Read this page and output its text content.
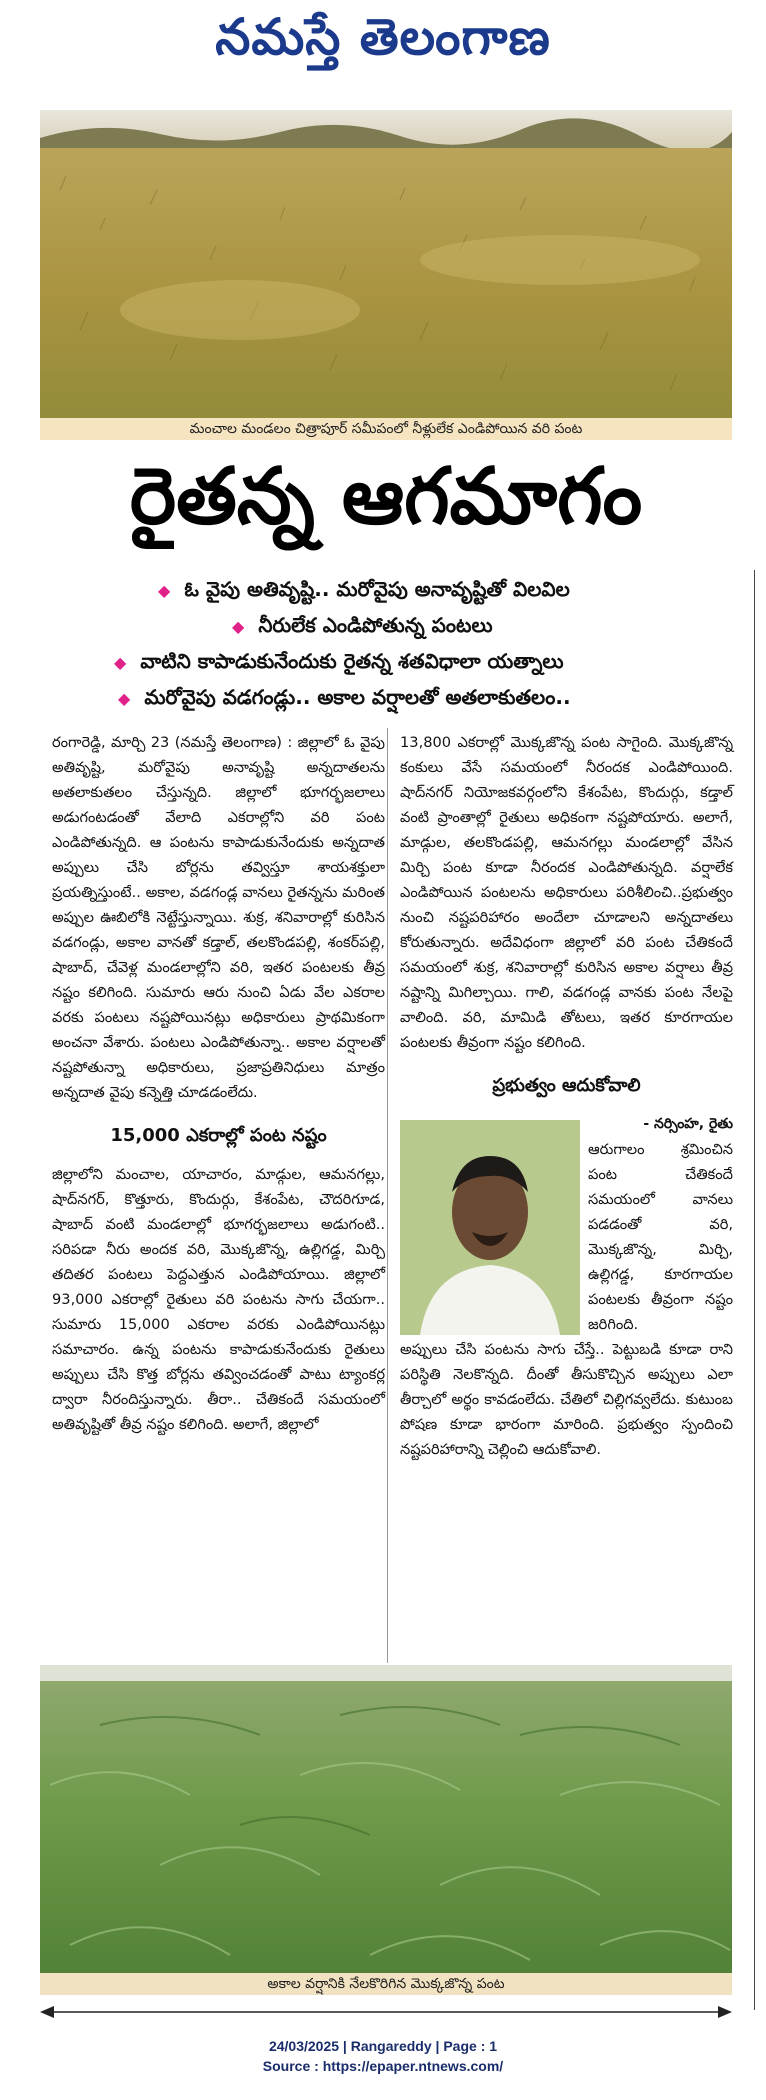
నమస్తే తెలంగాణ
మంచాల మండలం చిత్రాపూర్ సమీపంలో నీళ్లులేక ఎండిపోయిన వరి పంట
రైతన్న ఆగమాగం
◆ ఓ వైపు అతివృష్టి.. మరోవైపు అనావృష్టితో విలవిల
◆ నీరులేక ఎండిపోతున్న పంటలు
◆ వాటిని కాపాడుకునేందుకు రైతన్న శతవిధాలా యత్నాలు
◆ మరోవైపు వడగండ్లు.. అకాల వర్షాలతో అతలాకుతలం..

రంగారెడ్డి, మార్చి 23 (నమస్తే తెలంగాణ) : జిల్లాలో ఓ వైపు అతివృష్టి, మరోవైపు అనావృష్టి అన్నదాతలను అతలాకుతలం చేస్తున్నది. జిల్లాలో భూగర్భజలాలు అడుగంటడంతో వేలాది ఎకరాల్లోని వరి పంట ఎండిపోతున్నది. ఆ పంటను కాపాడుకునేందుకు అన్నదాత అప్పులు చేసి బోర్లను తవ్విస్తూ శాయశక్తులా ప్రయత్నిస్తుంటే.. అకాల, వడగండ్ల వానలు రైతన్నను మరింత అప్పుల ఊబిలోకి నెట్టేస్తున్నాయి. శుక్ర, శనివారాల్లో కురిసిన వడగండ్లు, అకాల వానతో కడ్తాల్, తలకొండపల్లి, శంకర్‌పల్లి, షాబాద్, చేవెళ్ల మండలాల్లోని వరి, ఇతర పంటలకు తీవ్ర నష్టం కలిగింది. సుమారు ఆరు నుంచి ఏడు వేల ఎకరాల వరకు పంటలు నష్టపోయినట్లు అధికారులు ప్రాథమికంగా అంచనా వేశారు. పంటలు ఎండిపోతున్నా.. అకాల వర్షాలతో నష్టపోతున్నా అధికారులు, ప్రజాప్రతినిధులు మాత్రం అన్నదాత వైపు కన్నెత్తి చూడడంలేదు.

15,000 ఎకరాల్లో పంట నష్టం

జిల్లాలోని మంచాల, యాచారం, మాడ్గుల, ఆమనగల్లు, షాద్‌నగర్, కొత్తూరు, కొందుర్గు, కేశంపేట, చౌదరిగూడ, షాబాద్ వంటి మండలాల్లో భూగర్భజలాలు అడుగంటి.. సరిపడా నీరు అందక వరి, మొక్కజొన్న, ఉల్లిగడ్డ, మిర్చి తదితర పంటలు పెద్దఎత్తున ఎండిపోయాయి. జిల్లాలో 93,000 ఎకరాల్లో రైతులు వరి పంటను సాగు చేయగా.. సుమారు 15,000 ఎకరాల వరకు ఎండిపోయినట్లు సమాచారం. ఉన్న పంటను కాపాడుకునేందుకు రైతులు అప్పులు చేసి కొత్త బోర్లను తవ్వించడంతో పాటు ట్యాంకర్ల ద్వారా నీరందిస్తున్నారు. తీరా.. చేతికందే సమయంలో అతివృష్టితో తీవ్ర నష్టం కలిగింది. అలాగే, జిల్లాలో

13,800 ఎకరాల్లో మొక్కజొన్న పంట సాగైంది. మొక్కజొన్న కంకులు వేసే సమయంలో నీరందక ఎండిపోయింది. షాద్‌నగర్ నియోజకవర్గంలోని కేశంపేట, కొందుర్గు, కడ్తాల్ వంటి ప్రాంతాల్లో రైతులు అధికంగా నష్టపోయారు. అలాగే, మాడ్గుల, తలకొండపల్లి, ఆమనగల్లు మండలాల్లో వేసిన మిర్చి పంట కూడా నీరందక ఎండిపోతున్నది. వర్షాలేక ఎండిపోయిన పంటలను అధికారులు పరిశీలించి..ప్రభుత్వం నుంచి నష్టపరిహారం అందేలా చూడాలని అన్నదాతలు కోరుతున్నారు. అదేవిధంగా జిల్లాలో వరి పంట చేతికందే సమయంలో శుక్ర, శనివారాల్లో కురిసిన అకాల వర్షాలు తీవ్ర నష్టాన్ని మిగిల్చాయి. గాలి, వడగండ్ల వానకు పంట నేలపై వాలింది. వరి, మామిడి తోటలు, ఇతర కూరగాయల పంటలకు తీవ్రంగా నష్టం కలిగింది.

ప్రభుత్వం ఆదుకోవాలి
- నర్సింహ, రైతు
ఆరుగాలం శ్రమించిన పంట చేతికందే సమయంలో వానలు పడడంతో వరి, మొక్కజొన్న, మిర్చి, ఉల్లిగడ్డ, కూరగాయల పంటలకు తీవ్రంగా నష్టం జరిగింది.

అప్పులు చేసి పంటను సాగు చేస్తే.. పెట్టుబడి కూడా రాని పరిస్థితి నెలకొన్నది. దీంతో తీసుకొచ్చిన అప్పులు ఎలా తీర్చాలో అర్థం కావడంలేదు. చేతిలో చిల్లిగవ్వలేదు. కుటుంబ పోషణ కూడా భారంగా మారింది. ప్రభుత్వం స్పందించి నష్టపరిహారాన్ని చెల్లించి ఆదుకోవాలి.

అకాల వర్షానికి నేలకొరిగిన మొక్కజొన్న పంట
24/03/2025 | Rangareddy | Page : 1
Source : https://epaper.ntnews.com/
